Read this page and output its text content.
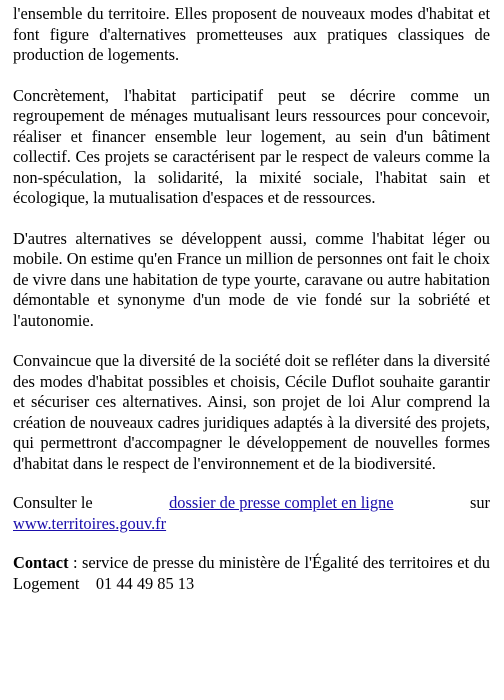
l'ensemble du territoire. Elles proposent de nouveaux modes d'habitat et font figure d'alternatives prometteuses aux pratiques classiques de production de logements.

Concrètement, l'habitat participatif peut se décrire comme un regroupement de ménages mutualisant leurs ressources pour concevoir, réaliser et financer ensemble leur logement, au sein d'un bâtiment collectif. Ces projets se caractérisent par le respect de valeurs comme la non-spéculation, la solidarité, la mixité sociale, l'habitat sain et écologique, la mutualisation d'espaces et de ressources.

D'autres alternatives se développent aussi, comme l'habitat léger ou mobile. On estime qu'en France un million de personnes ont fait le choix de vivre dans une habitation de type yourte, caravane ou autre habitation démontable et synonyme d'un mode de vie fondé sur la sobriété et l'autonomie.

Convaincue que la diversité de la société doit se refléter dans la diversité des modes d'habitat possibles et choisis, Cécile Duflot souhaite garantir et sécuriser ces alternatives. Ainsi, son projet de loi Alur comprend la création de nouveaux cadres juridiques adaptés à la diversité des projets, qui permettront d'accompagner le développement de nouvelles formes d'habitat dans le respect de l'environnement et de la biodiversité.

Consulter le	dossier de presse complet en ligne	sur
www.territoires.gouv.fr

Contact : service de presse du ministère de l'Égalité des territoires et du Logement 01 44 49 85 13
